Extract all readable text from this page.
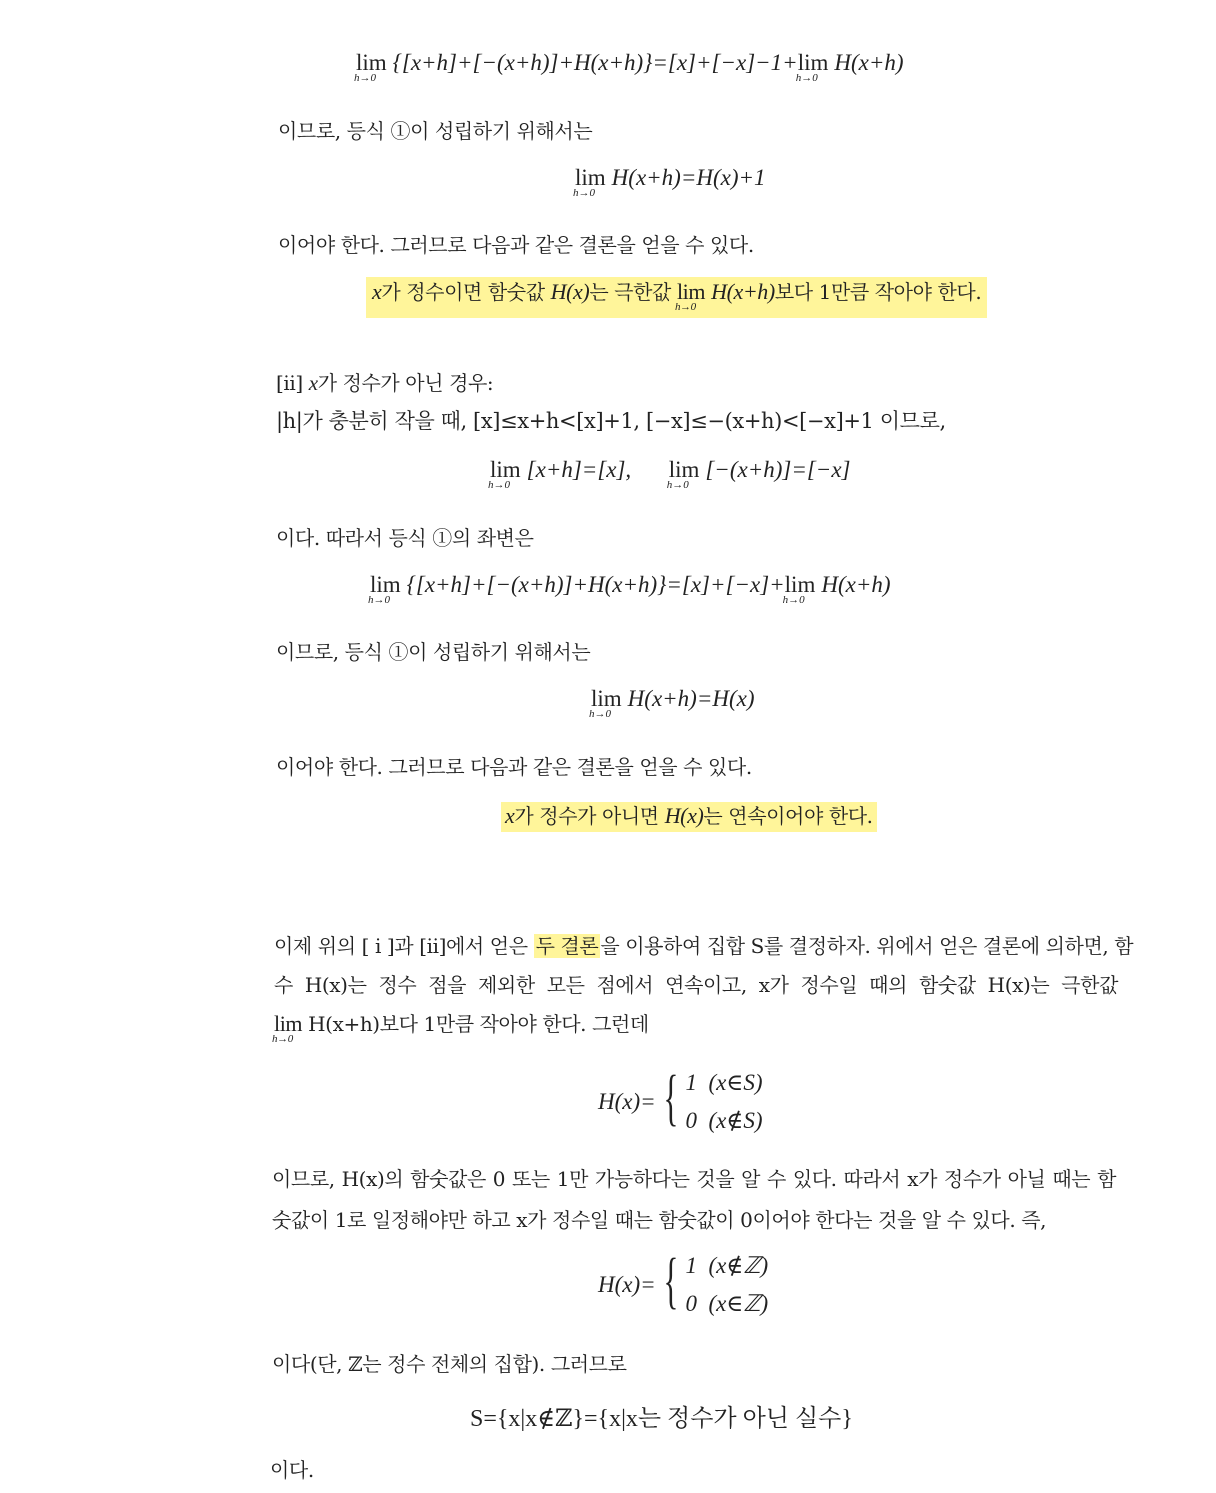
lim
h→0
{[x+h]+[−(x+h)]+H(x+h)}=[x]+[−x]−1+lim
h→0
H(x+h)
이므로, 등식 ①이 성립하기 위해서는
lim
h→0
H(x+h)=H(x)+1
이어야 한다. 그러므로 다음과 같은 결론을 얻을 수 있다.
x가 정수이면 함숫값 H(x)는 극한값 lim
h→0
H(x+h)보다 1만큼 작아야 한다.
[ii] x가 정수가 아닌 경우:
|h|가 충분히 작을 때, [x]≤x+h<[x]+1, [−x]≤−(x+h)<[−x]+1 이므로,
lim
h→0
[x+h]=[x], lim
h→0
[−(x+h)]=[−x]
이다. 따라서 등식 ①의 좌변은
lim
h→0
{[x+h]+[−(x+h)]+H(x+h)}=[x]+[−x]+lim
h→0
H(x+h)
이므로, 등식 ①이 성립하기 위해서는
lim
h→0
H(x+h)=H(x)
이어야 한다. 그러므로 다음과 같은 결론을 얻을 수 있다.
x가 정수가 아니면 H(x)는 연속이어야 한다.
이제 위의 [ i ]과 [ii]에서 얻은 두 결론 을 이용하여 집합 S를 결정하자. 위에서 얻은 결론에 의하면, 함
수 H(x)는 정수 점을 제외한 모든 점에서 연속이고, x가 정수일 때의 함숫값 H(x)는 극한값
lim
h→0
H(x+h)보다 1만큼 작아야 한다. 그런데
H(x)= { 1  (x∈S)
0  (x∉S)
이므로, H(x)의 함숫값은 0 또는 1만 가능하다는 것을 알 수 있다. 따라서 x가 정수가 아닐 때는 함
숫값이 1로 일정해야만 하고 x가 정수일 때는 함숫값이 0이어야 한다는 것을 알 수 있다. 즉,
H(x)= { 1  (x∉ℤ)
0  (x∈ℤ)
이다(단, ℤ는 정수 전체의 집합). 그러므로
S={x|x∉ℤ}={x|x는 정수가 아닌 실수}
이다.
